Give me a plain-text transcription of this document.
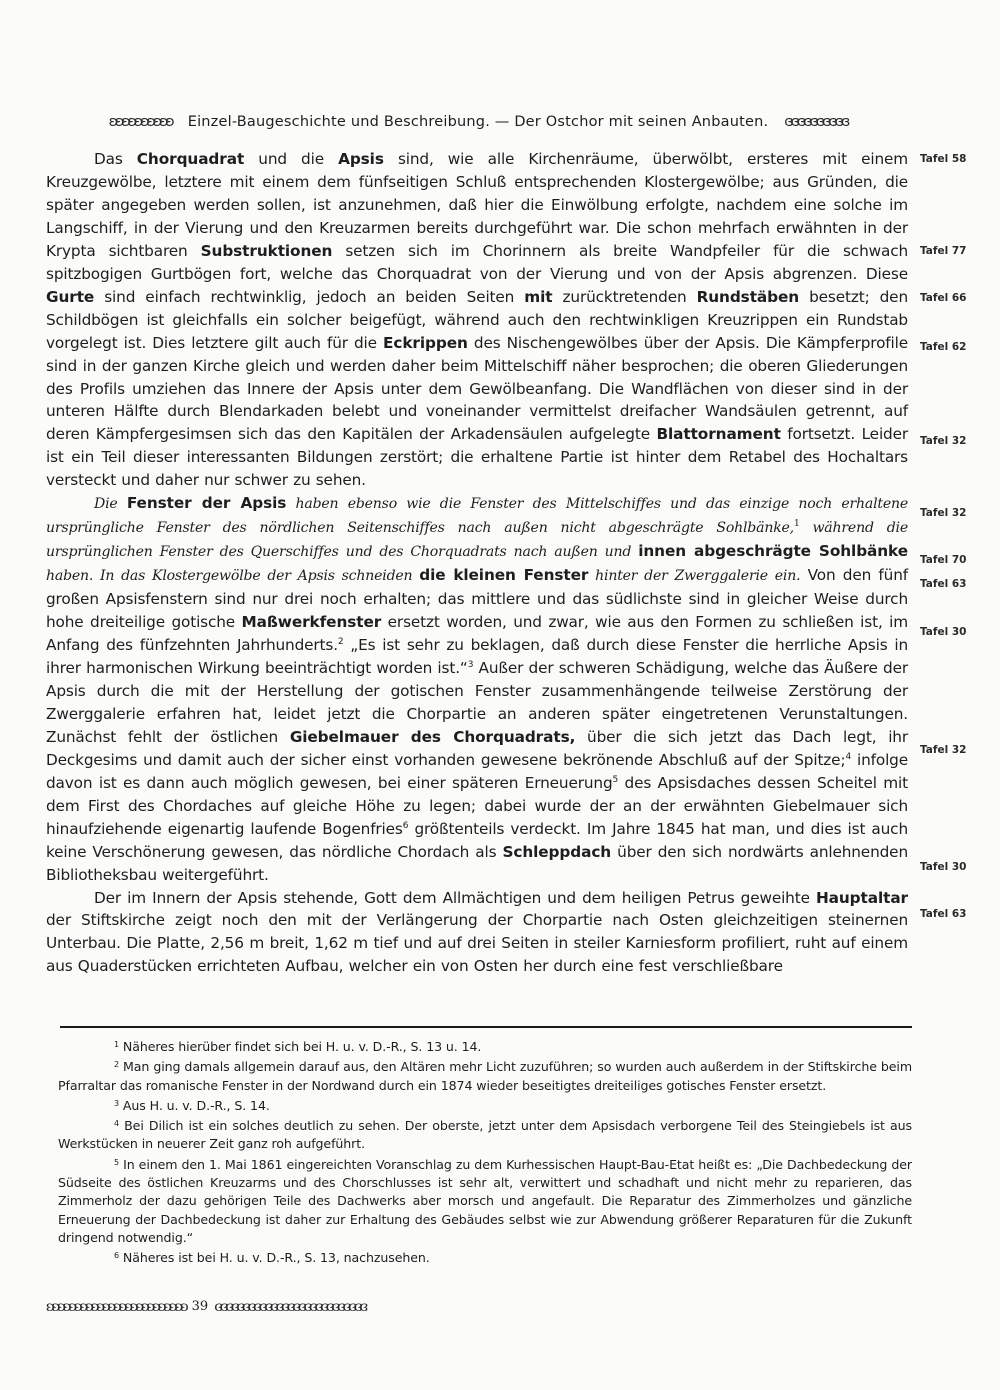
ʚʚʚʚʚʚʚʚʚʚ Einzel-Baugeschichte und Beschreibung. — Der Ostchor mit seinen Anbauten. ɞɞɞɞɞɞɞɞɞɞ

Das Chorquadrat und die Apsis sind, wie alle Kirchenräume, überwölbt, ersteres mit einem Kreuzgewölbe, letztere mit einem dem fünfseitigen Schluß entsprechenden Klostergewölbe; aus Gründen, die später angegeben werden sollen, ist anzunehmen, daß hier die Einwölbung erfolgte, nachdem eine solche im Langschiff, in der Vierung und den Kreuzarmen bereits durchgeführt war. Die schon mehrfach erwähnten in der Krypta sichtbaren Substruktionen setzen sich im Chorinnern als breite Wandpfeiler für die schwach spitzbogigen Gurtbögen fort, welche das Chorquadrat von der Vierung und von der Apsis abgrenzen. Diese Gurte sind einfach rechtwinklig, jedoch an beiden Seiten mit zurücktretenden Rundstäben besetzt; den Schildbögen ist gleichfalls ein solcher beigefügt, während auch den rechtwinkligen Kreuzrippen ein Rundstab vorgelegt ist. Dies letztere gilt auch für die Eckrippen des Nischengewölbes über der Apsis. Die Kämpferprofile sind in der ganzen Kirche gleich und werden daher beim Mittelschiff näher besprochen; die oberen Gliederungen des Profils umziehen das Innere der Apsis unter dem Gewölbeanfang. Die Wandflächen von dieser sind in der unteren Hälfte durch Blendarkaden belebt und voneinander vermittelst dreifacher Wandsäulen getrennt, auf deren Kämpfergesimsen sich das den Kapitälen der Arkadensäulen aufgelegte Blattornament fortsetzt. Leider ist ein Teil dieser interessanten Bildungen zerstört; die erhaltene Partie ist hinter dem Retabel des Hochaltars versteckt und daher nur schwer zu sehen.

Die Fenster der Apsis haben ebenso wie die Fenster des Mittelschiffes und das einzige noch erhaltene ursprüngliche Fenster des nördlichen Seitenschiffes nach außen nicht abgeschrägte Sohlbänke,$^1$ während die ursprünglichen Fenster des Querschiffes und des Chorquadrats nach außen und innen abgeschrägte Sohlbänke haben. In das Klostergewölbe der Apsis schneiden die kleinen Fenster hinter der Zwerggalerie ein. Von den fünf großen Apsisfenstern sind nur drei noch erhalten; das mittlere und das südlichste sind in gleicher Weise durch hohe dreiteilige gotische Maßwerkfenster ersetzt worden, und zwar, wie aus den Formen zu schließen ist, im Anfang des fünfzehnten Jahrhunderts.$^2$ „Es ist sehr zu beklagen, daß durch diese Fenster die herrliche Apsis in ihrer harmonischen Wirkung beeinträchtigt worden ist.“$^3$ Außer der schweren Schädigung, welche das Äußere der Apsis durch die mit der Herstellung der gotischen Fenster zusammenhängende teilweise Zerstörung der Zwerggalerie erfahren hat, leidet jetzt die Chorpartie an anderen später eingetretenen Verunstaltungen. Zunächst fehlt der östlichen Giebelmauer des Chorquadrats, über die sich jetzt das Dach legt, ihr Deckgesims und damit auch der sicher einst vorhanden gewesene bekrönende Abschluß auf der Spitze;$^4$ infolge davon ist es dann auch möglich gewesen, bei einer späteren Erneuerung$^5$ des Apsisdaches dessen Scheitel mit dem First des Chordaches auf gleiche Höhe zu legen; dabei wurde der an der erwähnten Giebelmauer sich hinaufziehende eigenartig laufende Bogenfries$^6$ größtenteils verdeckt. Im Jahre 1845 hat man, und dies ist auch keine Verschönerung gewesen, das nördliche Chordach als Schleppdach über den sich nordwärts anlehnenden Bibliotheksbau weitergeführt.

Der im Innern der Apsis stehende, Gott dem Allmächtigen und dem heiligen Petrus geweihte Hauptaltar der Stiftskirche zeigt noch den mit der Verlängerung der Chorpartie nach Osten gleichzeitigen steinernen Unterbau. Die Platte, 2,56 m breit, 1,62 m tief und auf drei Seiten in steiler Karniesform profiliert, ruht auf einem aus Quaderstücken errichteten Aufbau, welcher ein von Osten her durch eine fest verschließbare

Tafel 58
Tafel 77
Tafel 66
Tafel 62
Tafel 32
Tafel 32
Tafel 70
Tafel 63
Tafel 30
Tafel 32
Tafel 30
Tafel 63

$^1$ Näheres hierüber findet sich bei H. u. v. D.-R., S. 13 u. 14.

$^2$ Man ging damals allgemein darauf aus, den Altären mehr Licht zuzuführen; so wurden auch außerdem in der Stiftskirche beim Pfarraltar das romanische Fenster in der Nordwand durch ein 1874 wieder beseitigtes dreiteiliges gotisches Fenster ersetzt.

$^3$ Aus H. u. v. D.-R., S. 14.

$^4$ Bei Dilich ist ein solches deutlich zu sehen. Der oberste, jetzt unter dem Apsisdach verborgene Teil des Steingiebels ist aus Werkstücken in neuerer Zeit ganz roh aufgeführt.

$^5$ In einem den 1. Mai 1861 eingereichten Voranschlag zu dem Kurhessischen Haupt-Bau-Etat heißt es: „Die Dachbedeckung der Südseite des östlichen Kreuzarms und des Chorschlusses ist sehr alt, verwittert und schadhaft und nicht mehr zu reparieren, das Zimmerholz der dazu gehörigen Teile des Dachwerks aber morsch und angefault. Die Reparatur des Zimmerholzes und gänzliche Erneuerung der Dachbedeckung ist daher zur Erhaltung des Gebäudes selbst wie zur Abwendung größerer Reparaturen für die Zukunft dringend notwendig.“

$^6$ Näheres ist bei H. u. v. D.-R., S. 13, nachzusehen.

ʚʚʚʚʚʚʚʚʚʚʚʚʚʚʚʚʚʚʚʚʚʚʚʚʚ 39 ɞɞɞɞɞɞɞɞɞɞɞɞɞɞɞɞɞɞɞɞɞɞɞɞɞɞɞ
